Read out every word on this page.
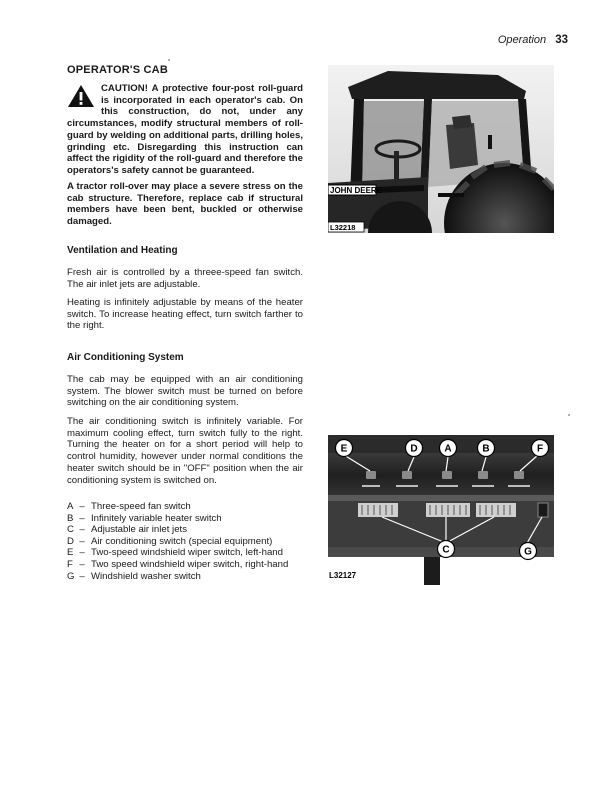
Operation 33
OPERATOR'S CAB
CAUTION! A protective four-post roll-guard is incorporated in each operator's cab. On this construction, do not, under any circumstances, modify structural members of roll-guard by welding on additional parts, drilling holes, grinding etc. Disregarding this instruction can affect the rigidity of the roll-guard and therefore the operators's safety cannot be guaranteed.
A tractor roll-over may place a severe stress on the cab structure. Therefore, replace cab if structural members have been bent, buckled or otherwise damaged.
Ventilation and Heating
Fresh air is controlled by a threee-speed fan switch. The air inlet jets are adjustable.
Heating is infinitely adjustable by means of the heater switch. To increase heating effect, turn switch farther to the right.
Air Conditioning System
The cab may be equipped with an air conditioning system. The blower switch must be turned on before switching on the air conditioning system.
The air conditioning switch is infinitely variable. For maximum cooling effect, turn switch fully to the right. Turning the heater on for a short period will help to control humidity, however under normal conditions the heater switch should be in "OFF" position when the air conditioning system is switched on.
A – Three-speed fan switch
B – Infinitely variable heater switch
C – Adjustable air inlet jets
D – Air conditioning switch (special equipment)
E – Two-speed windshield wiper switch, left-hand
F – Two speed windshield wiper switch, right-hand
G – Windshield washer switch
JOHN DEERE
L32218
E	D	A	B	F
C	G
L32127
